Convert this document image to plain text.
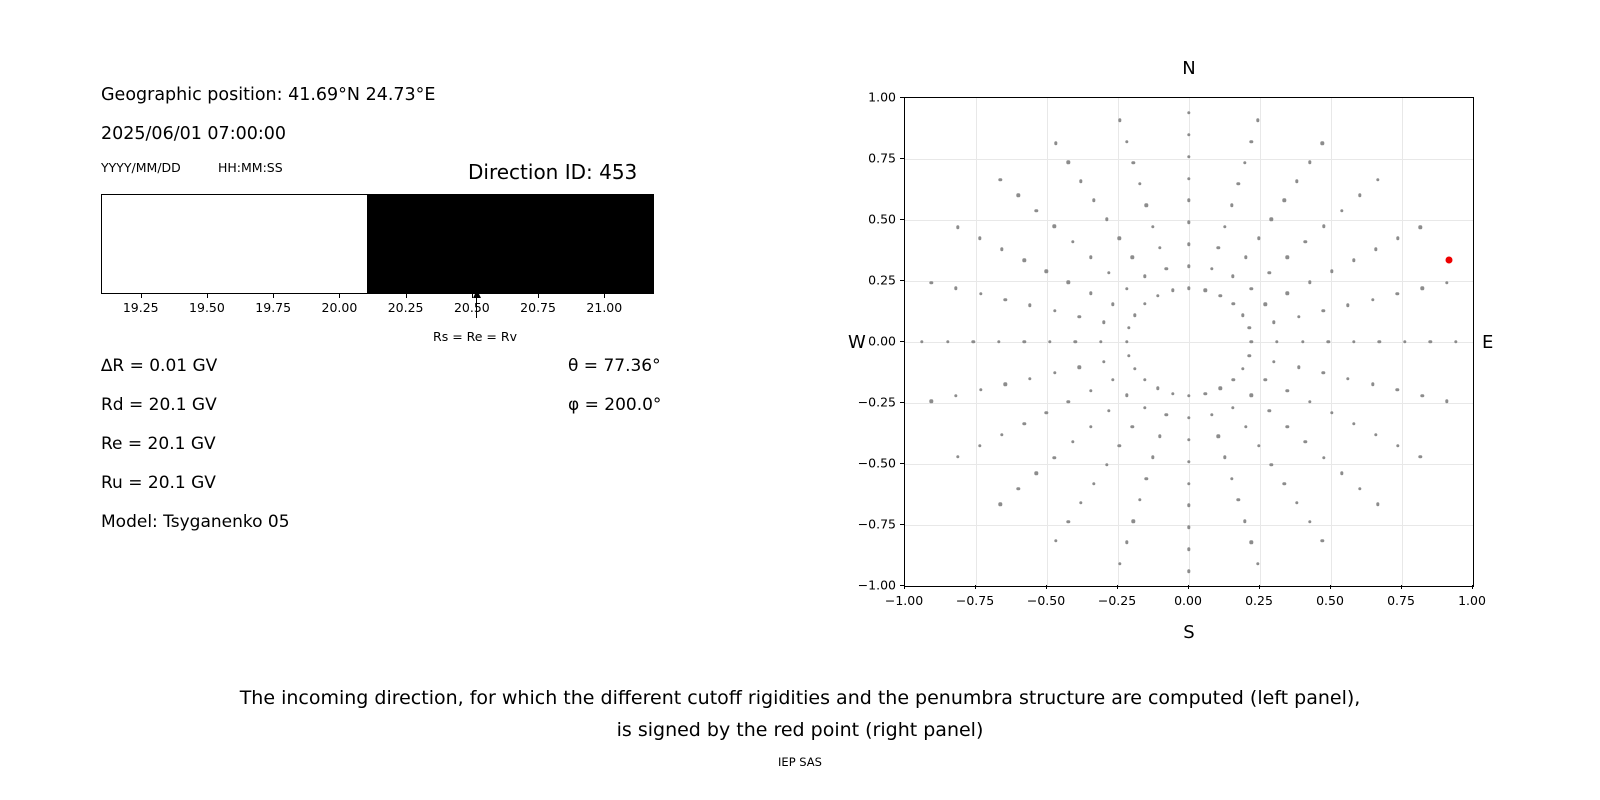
Geographic position: 41.69°N 24.73°E
2025/06/01 07:00:00
YYYY/MM/DD	HH:MM:SS	Direction ID: 453
Rs = Re = Rv
19.25 19.50 19.75 20.00 20.25 20.50 20.75 21.00
∆R = 0.01 GV
Rd = 20.1 GV
Re = 20.1 GV
Ru = 20.1 GV
Model: Tsyganenko 05
θ = 77.36°
φ = 200.0°
N
S
W	E
−1.00	−0.75	−0.50	−0.25	0.00	0.25	0.50	0.75	1.00
−1.00
−0.75
−0.50
−0.25
0.00
0.25
0.50
0.75
1.00
The incoming direction, for which the different cutoff rigidities and the penumbra structure are computed (left panel),
is signed by the red point (right panel)
IEP SAS
